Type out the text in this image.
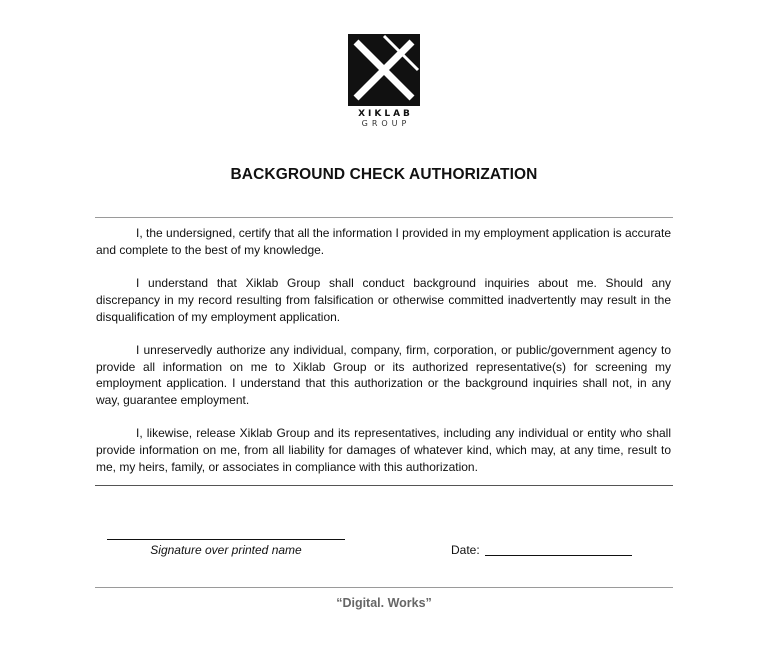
XIKLAB
GROUP
BACKGROUND CHECK AUTHORIZATION

I, the undersigned, certify that all the information I provided in my employment application is accurate and complete to the best of my knowledge.

I understand that Xiklab Group shall conduct background inquiries about me. Should any discrepancy in my record resulting from falsification or otherwise committed inadvertently may result in the disqualification of my employment application.

I unreservedly authorize any individual, company, firm, corporation, or public/government agency to provide all information on me to Xiklab Group or its authorized representative(s) for screening my employment application. I understand that this authorization or the background inquiries shall not, in any way, guarantee employment.

I, likewise, release Xiklab Group and its representatives, including any individual or entity who shall provide information on me, from all liability for damages of whatever kind, which may, at any time, result to me, my heirs, family, or associates in compliance with this authorization.

Signature over printed name	Date:
“Digital. Works”
